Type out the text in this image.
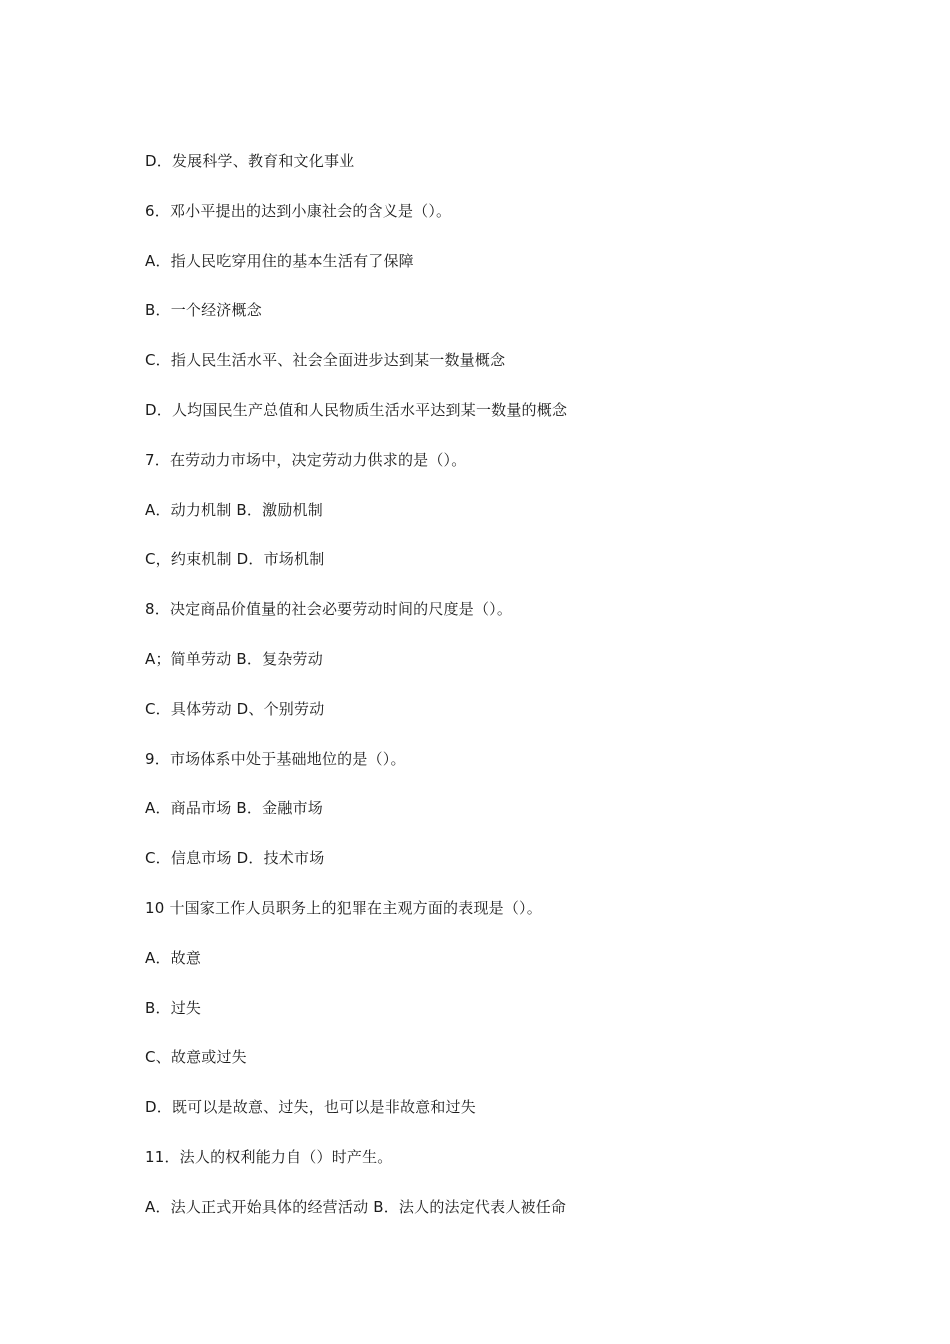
D．发展科学、教育和文化事业
6．邓小平提出的达到小康社会的含义是（）。
A．指人民吃穿用住的基本生活有了保障
B．一个经济概念
C．指人民生活水平、社会全面进步达到某一数量概念
D．人均国民生产总值和人民物质生活水平达到某一数量的概念
7．在劳动力市场中，决定劳动力供求的是（）。
A．动力机制 B．激励机制
C，约束机制 D．市场机制
8．决定商品价值量的社会必要劳动时间的尺度是（）。
A；简单劳动 B．复杂劳动
C．具体劳动 D、个别劳动
9．市场体系中处于基础地位的是（）。
A．商品市场 B．金融市场
C．信息市场 D．技术市场
10 十国家工作人员职务上的犯罪在主观方面的表现是（）。
A．故意
B．过失
C、故意或过失
D．既可以是故意、过失，也可以是非故意和过失
11．法人的权利能力自（）时产生。
A．法人正式开始具体的经营活动 B．法人的法定代表人被任命
